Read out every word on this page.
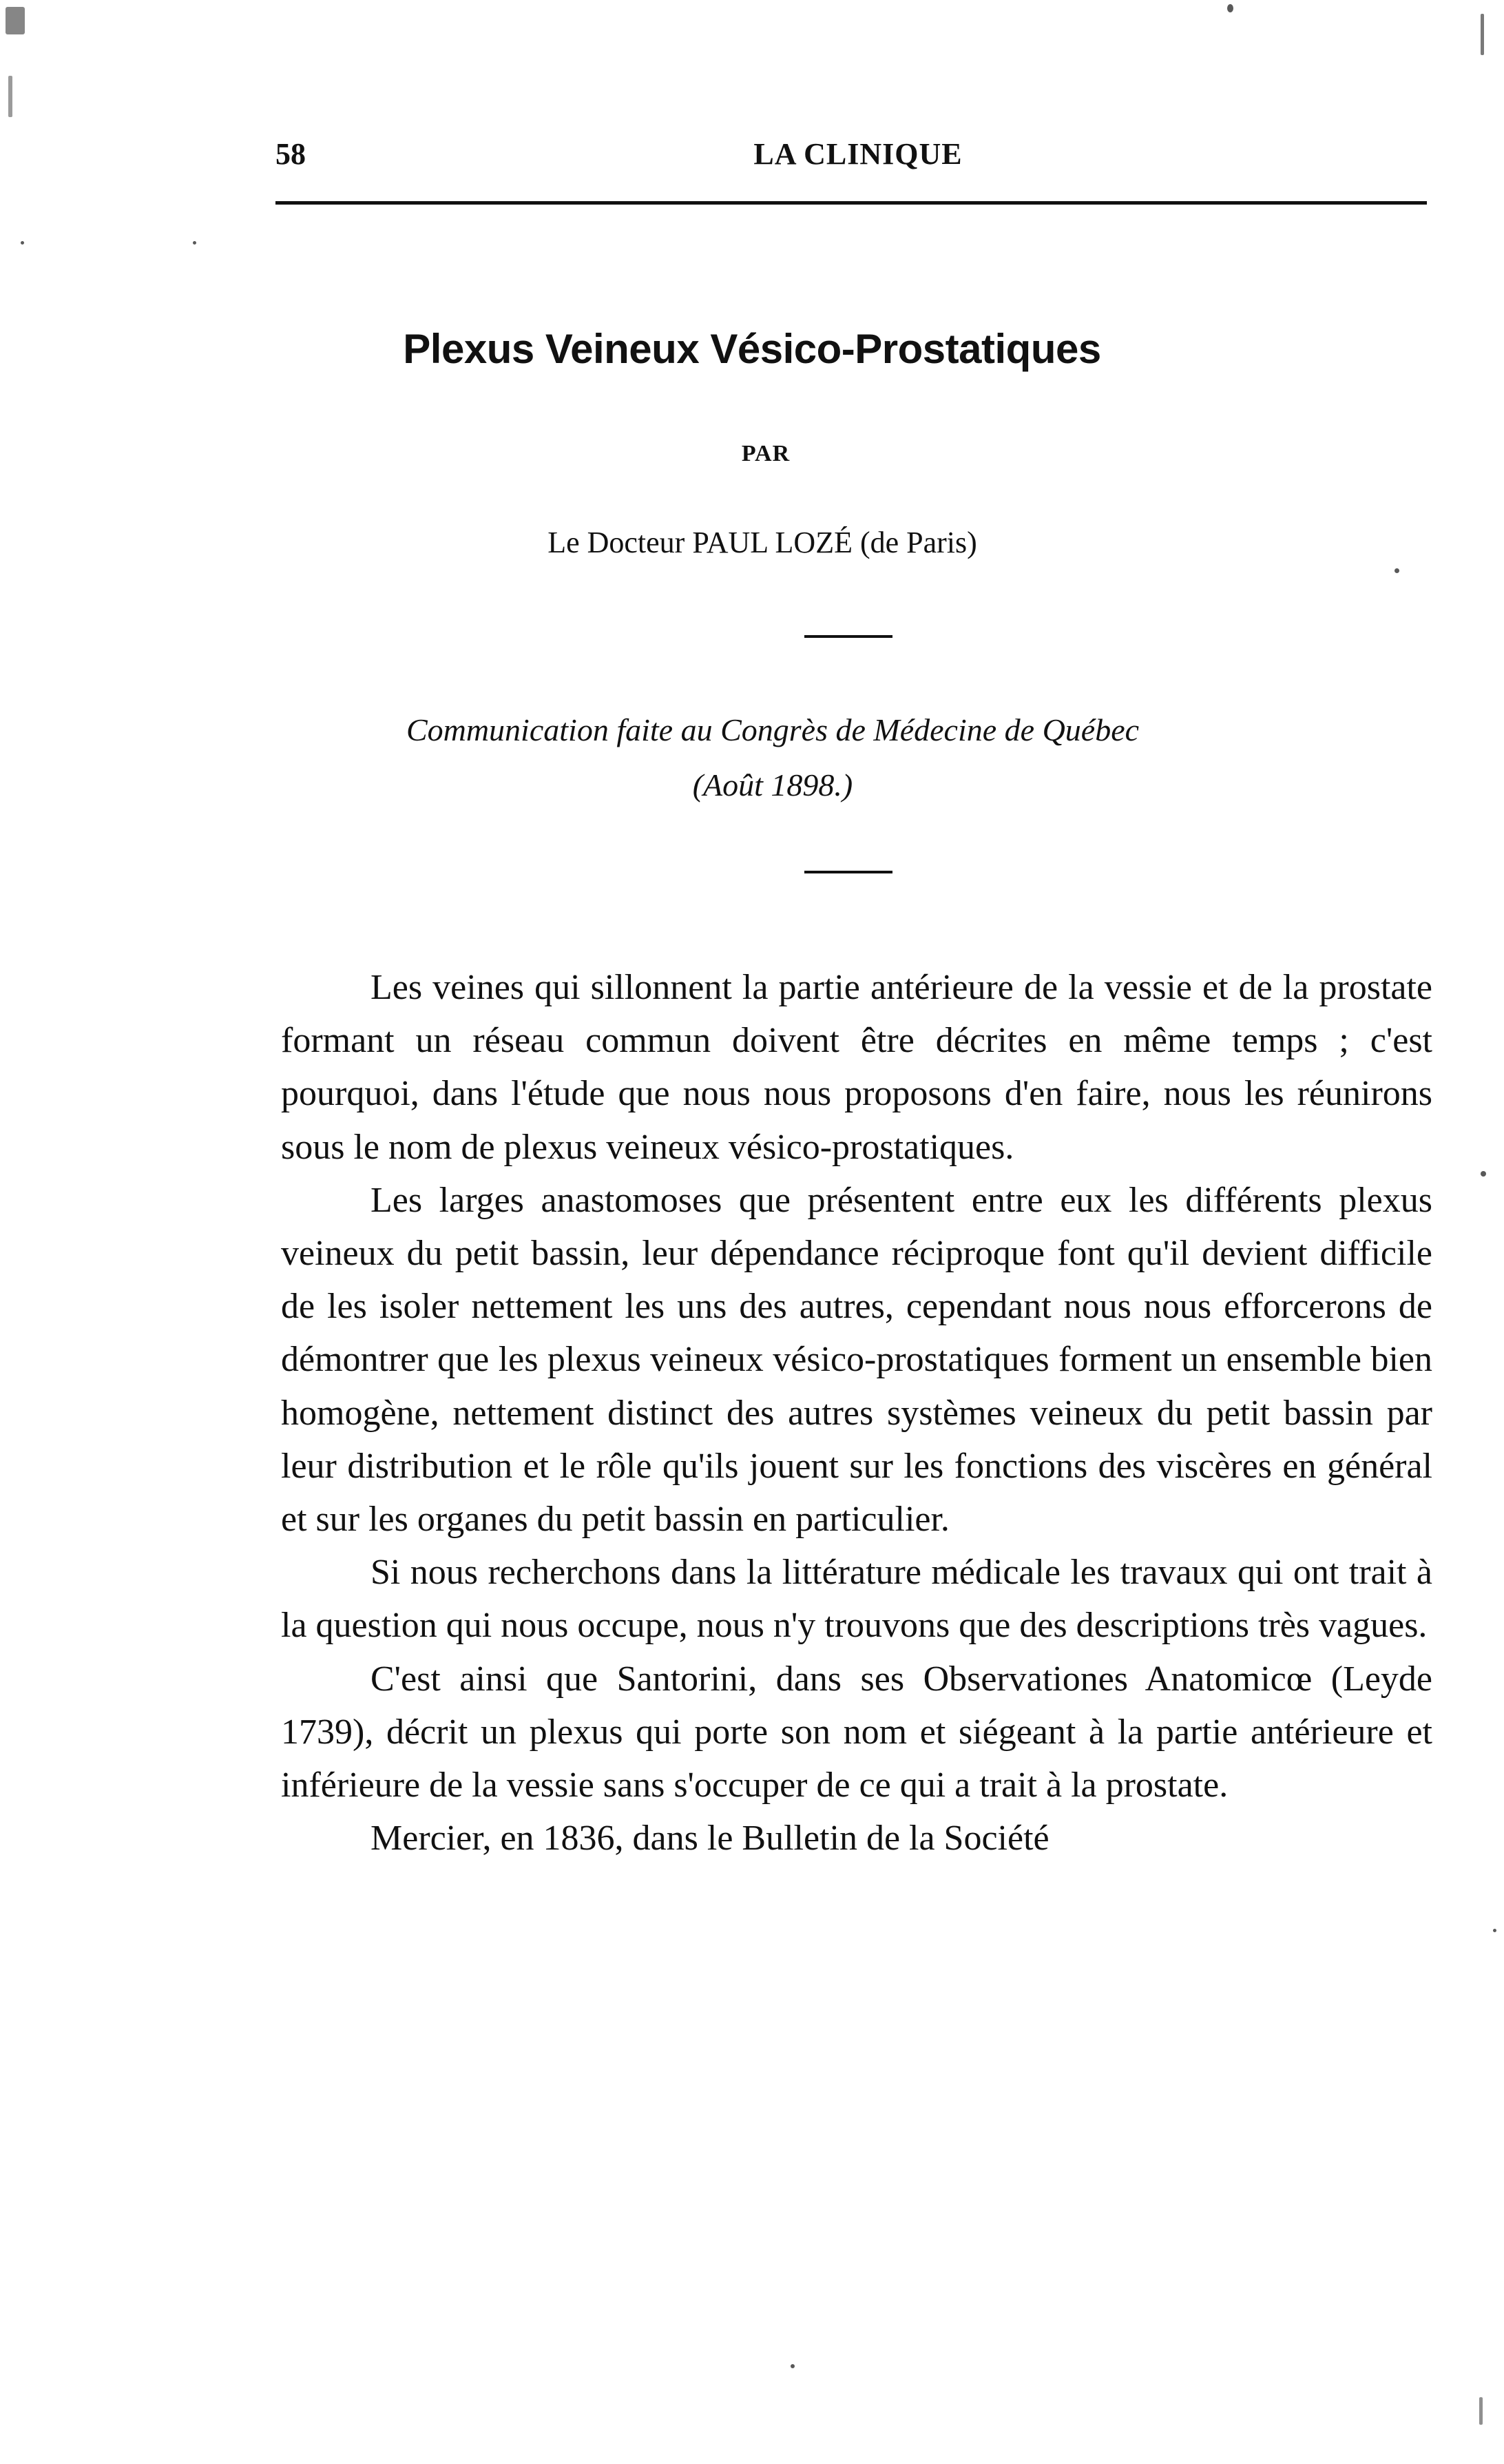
58	LA CLINIQUE
Plexus Veineux Vésico-Prostatiques
PAR
Le Docteur PAUL LOZÉ (de Paris)
Communication faite au Congrès de Médecine de Québec
(Août 1898.)

Les veines qui sillonnent la partie antérieure de la vessie et de la prostate formant un réseau commun doivent être décrites en même temps ; c'est pourquoi, dans l'étude que nous nous proposons d'en faire, nous les réunirons sous le nom de plexus veineux vésico-prostatiques.

Les larges anastomoses que présentent entre eux les différents plexus veineux du petit bassin, leur dépendance réciproque font qu'il devient difficile de les isoler nettement les uns des autres, cependant nous nous efforcerons de démontrer que les plexus veineux vésico-prostatiques forment un ensemble bien homogène, nettement distinct des autres systèmes veineux du petit bassin par leur distribution et le rôle qu'ils jouent sur les fonctions des viscères en général et sur les organes du petit bassin en particulier.

Si nous recherchons dans la littérature médicale les travaux qui ont trait à la question qui nous occupe, nous n'y trouvons que des descriptions très vagues.

C'est ainsi que Santorini, dans ses Observationes Anatomicœ (Leyde 1739), décrit un plexus qui porte son nom et siégeant à la partie antérieure et inférieure de la vessie sans s'occuper de ce qui a trait à la prostate.

Mercier, en 1836, dans le Bulletin de la Société
